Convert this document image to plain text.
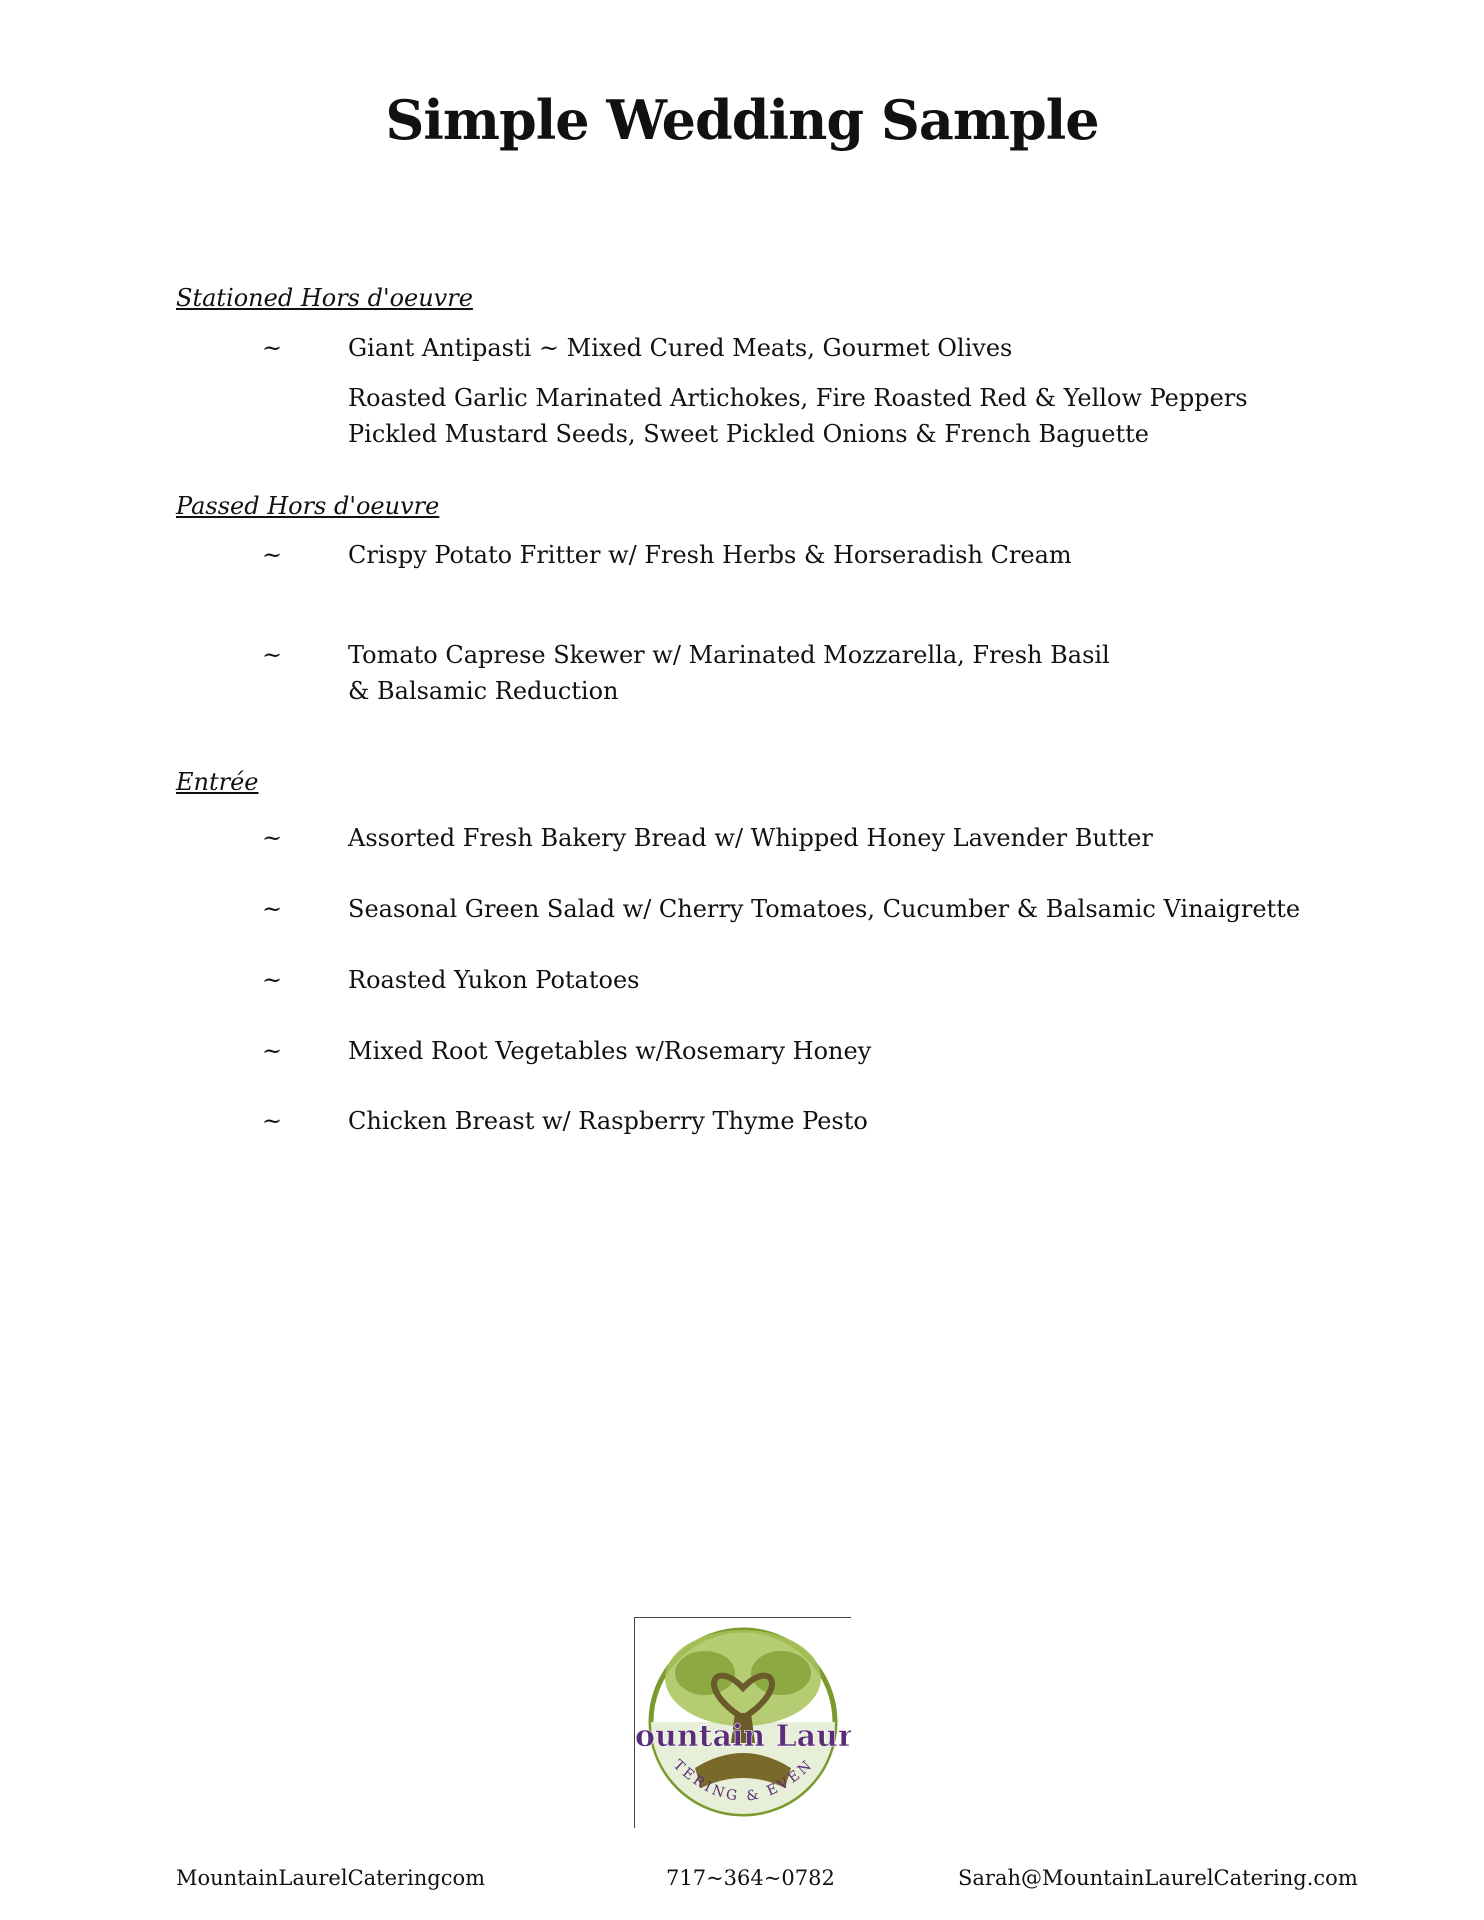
Simple Wedding Sample
Stationed Hors d'oeuvre
~	Giant Antipasti ~ Mixed Cured Meats, Gourmet Olives
Roasted Garlic Marinated Artichokes, Fire Roasted Red & Yellow Peppers
Pickled Mustard Seeds, Sweet Pickled Onions & French Baguette
Passed Hors d'oeuvre
~	Crispy Potato Fritter w/ Fresh Herbs & Horseradish Cream
~	Tomato Caprese Skewer w/ Marinated Mozzarella, Fresh Basil
& Balsamic Reduction
Entrée
~	Assorted Fresh Bakery Bread w/ Whipped Honey Lavender Butter
~	Seasonal Green Salad w/ Cherry Tomatoes, Cucumber & Balsamic Vinaigrette
~	Roasted Yukon Potatoes
~	Mixed Root Vegetables w/Rosemary Honey
~	Chicken Breast w/ Raspberry Thyme Pesto
ountain Laur
TERING & EVEN
MountainLaurelCateringcom	717~364~0782	Sarah@MountainLaurelCatering.com
